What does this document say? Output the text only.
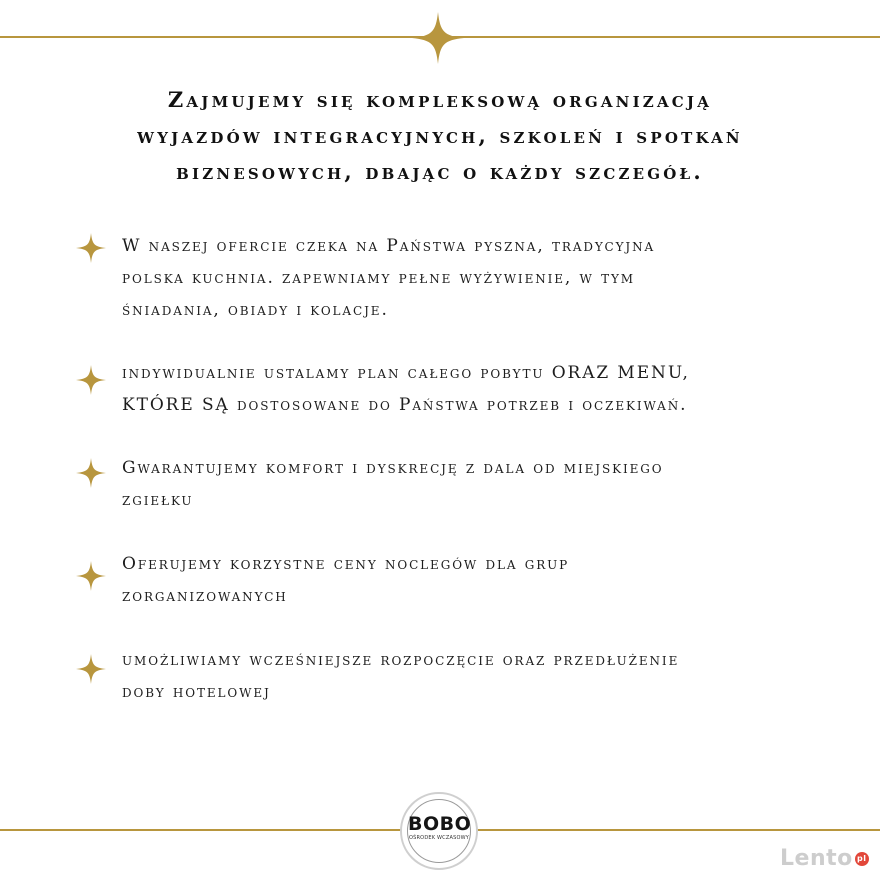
Zajmujemy się kompleksową organizacją
wyjazdów integracyjnych, szkoleń i spotkań
biznesowych, dbając o każdy szczegół.
W naszej ofercie czeka na Państwa pyszna, tradycyjna
polska kuchnia. zapewniamy pełne wyżywienie, w tym
śniadania, obiady i kolacje.
indywidualnie ustalamy plan całego pobytu ORAZ MENU,
KTÓRE SĄ dostosowane do Państwa potrzeb i oczekiwań.
Gwarantujemy komfort i dyskrecję z dala od miejskiego
zgiełku
Oferujemy korzystne ceny noclegów dla grup
zorganizowanych
umożliwiamy wcześniejsze rozpoczęcie oraz przedłużenie
doby hotelowej
BOBO
OŚRODEK WCZASOWY
Lento pl
